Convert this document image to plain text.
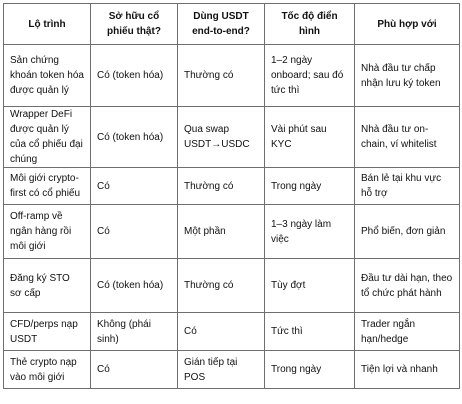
Lộ trình	Sở hữu cổ phiếu thật?	Dùng USDT end-to-end?	Tốc độ điển hình	Phù hợp với
Sản chứng khoán token hóa được quản lý	Có (token hóa)	Thường có	1–2 ngày onboard; sau đó tức thì	Nhà đầu tư chấp nhận lưu ký token
Wrapper DeFi được quản lý của cổ phiếu đại chúng	Có (token hóa)	Qua swap USDT→USDC	Vài phút sau KYC	Nhà đầu tư on-chain, ví whitelist
Môi giới crypto-first có cổ phiếu	Có	Thường có	Trong ngày	Bán lẻ tại khu vực hỗ trợ
Off-ramp về ngân hàng rồi môi giới	Có	Một phần	1–3 ngày làm việc	Phổ biến, đơn giản
Đăng ký STO sơ cấp	Có (token hóa)	Thường có	Tùy đợt	Đầu tư dài hạn, theo tổ chức phát hành
CFD/perps nạp USDT	Không (phái sinh)	Có	Tức thì	Trader ngắn hạn/hedge
Thẻ crypto nạp vào môi giới	Có	Gián tiếp tại POS	Trong ngày	Tiện lợi và nhanh
